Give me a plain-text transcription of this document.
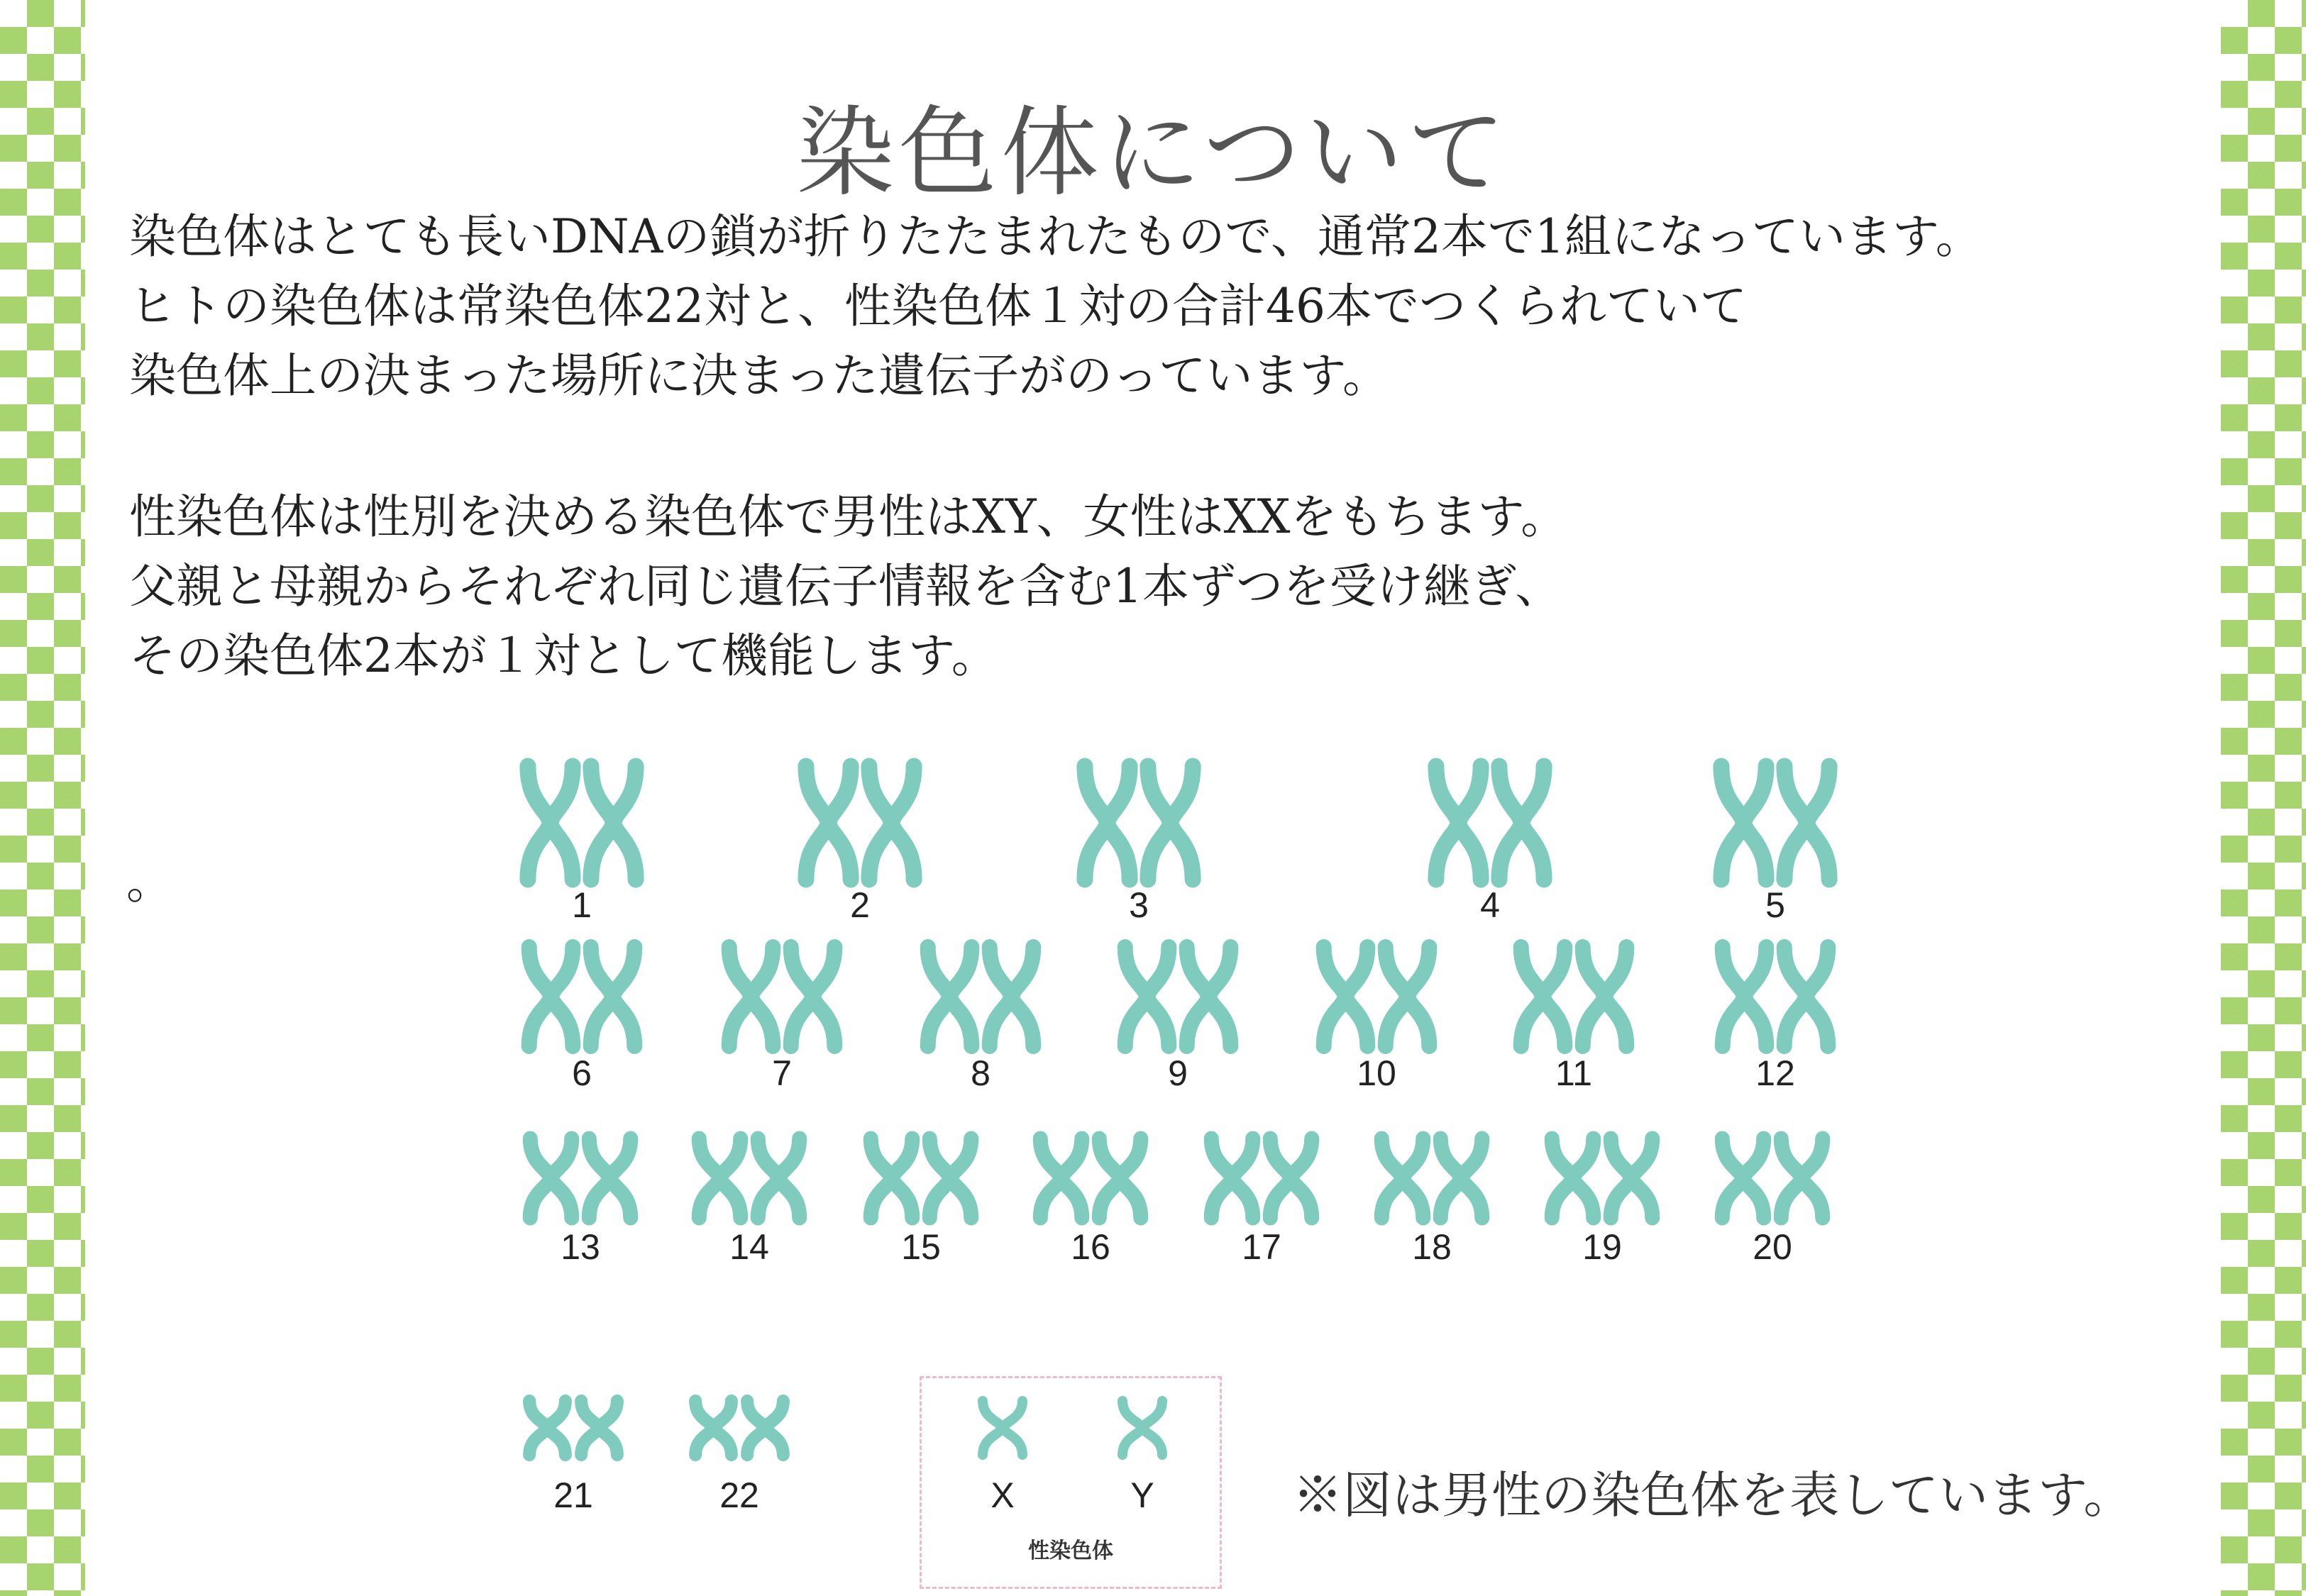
染色体について
染色体はとても長いDNAの鎖が折りたたまれたもので、通常2本で1組になっています。
ヒトの染色体は常染色体22対と、性染色体１対の合計46本でつくられていて
染色体上の決まった場所に決まった遺伝子がのっています。
性染色体は性別を決める染色体で男性はXY、女性はXXをもちます。
父親と母親からそれぞれ同じ遺伝子情報を含む1本ずつを受け継ぎ、
その染色体2本が１対として機能します。
。
性染色体
1	2	3	4	5
6	7	8	9	10	11	12
13	14	15	16	17	18	19	20
21	22	X	Y	※図は男性の染色体を表しています。
